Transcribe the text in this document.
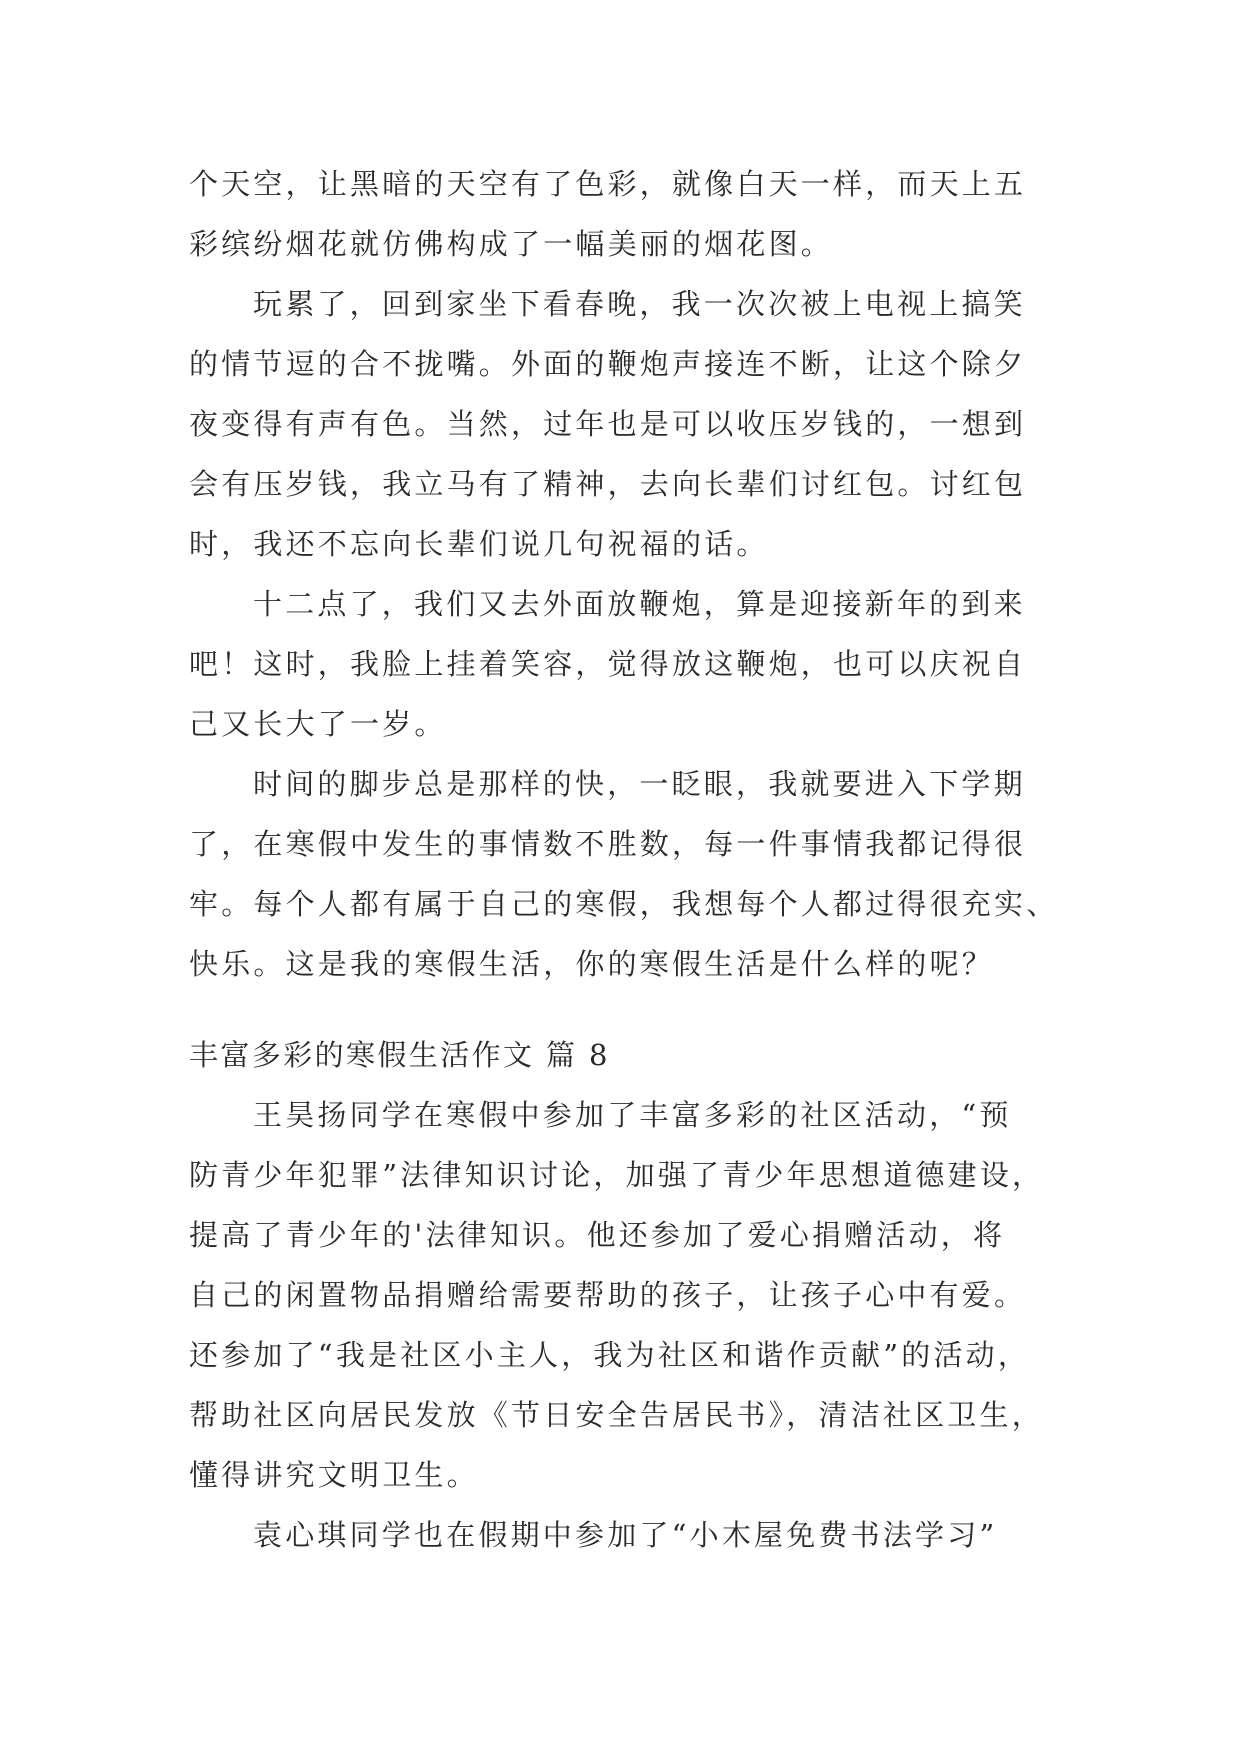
个天空，让黑暗的天空有了色彩，就像白天一样，而天上五
彩缤纷烟花就仿佛构成了一幅美丽的烟花图。
玩累了，回到家坐下看春晚，我一次次被上电视上搞笑
的情节逗的合不拢嘴。外面的鞭炮声接连不断，让这个除夕
夜变得有声有色。当然，过年也是可以收压岁钱的，一想到
会有压岁钱，我立马有了精神，去向长辈们讨红包。讨红包
时，我还不忘向长辈们说几句祝福的话。
十二点了，我们又去外面放鞭炮，算是迎接新年的到来
吧！这时，我脸上挂着笑容，觉得放这鞭炮，也可以庆祝自
己又长大了一岁。
时间的脚步总是那样的快，一眨眼，我就要进入下学期
了，在寒假中发生的事情数不胜数，每一件事情我都记得很
牢。每个人都有属于自己的寒假，我想每个人都过得很充实、
快乐。这是我的寒假生活，你的寒假生活是什么样的呢？
丰富多彩的寒假生活作文 篇 8
王昊扬同学在寒假中参加了丰富多彩的社区活动，“预
防青少年犯罪”法律知识讨论，加强了青少年思想道德建设，
提高了青少年的'法律知识。他还参加了爱心捐赠活动，将
自己的闲置物品捐赠给需要帮助的孩子，让孩子心中有爱。
还参加了“我是社区小主人，我为社区和谐作贡献”的活动，
帮助社区向居民发放《节日安全告居民书》，清洁社区卫生，
懂得讲究文明卫生。
袁心琪同学也在假期中参加了“小木屋免费书法学习”
